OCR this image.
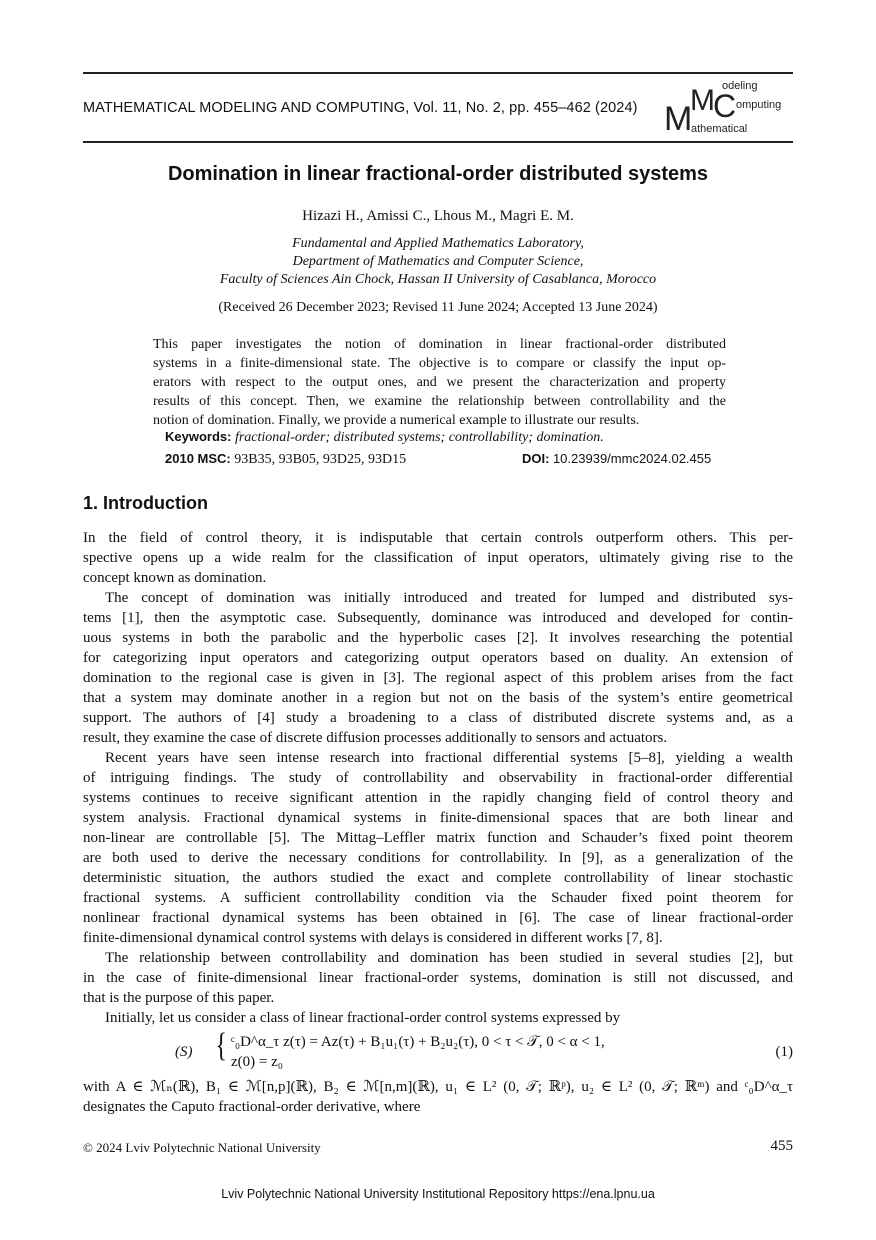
MATHEMATICAL MODELING AND COMPUTING, Vol. 11, No. 2, pp. 455–462 (2024) M
M
C
odeling
omputing
athematical
Domination in linear fractional-order distributed systems
Hizazi H., Amissi C., Lhous M., Magri E. M.
Fundamental and Applied Mathematics Laboratory,
Department of Mathematics and Computer Science,
Faculty of Sciences Ain Chock, Hassan II University of Casablanca, Morocco
(Received 26 December 2023; Revised 11 June 2024; Accepted 13 June 2024)
This paper investigates the notion of domination in linear fractional-order distributed
systems in a finite-dimensional state. The objective is to compare or classify the input op-
erators with respect to the output ones, and we present the characterization and property
results of this concept. Then, we examine the relationship between controllability and the
notion of domination. Finally, we provide a numerical example to illustrate our results.
Keywords: fractional-order; distributed systems; controllability; domination.
2010 MSC: 93B35, 93B05, 93D25, 93D15	DOI: 10.23939/mmc2024.02.455
1. Introduction
In the field of control theory, it is indisputable that certain controls outperform others. This per-
spective opens up a wide realm for the classification of input operators, ultimately giving rise to the
concept known as domination.
The concept of domination was initially introduced and treated for lumped and distributed sys-
tems [1], then the asymptotic case. Subsequently, dominance was introduced and developed for contin-
uous systems in both the parabolic and the hyperbolic cases [2]. It involves researching the potential
for categorizing input operators and categorizing output operators based on duality. An extension of
domination to the regional case is given in [3]. The regional aspect of this problem arises from the fact
that a system may dominate another in a region but not on the basis of the system’s entire geometrical
support. The authors of [4] study a broadening to a class of distributed discrete systems and, as a
result, they examine the case of discrete diffusion processes additionally to sensors and actuators.
Recent years have seen intense research into fractional differential systems [5–8], yielding a wealth
of intriguing findings. The study of controllability and observability in fractional-order differential
systems continues to receive significant attention in the rapidly changing field of control theory and
system analysis. Fractional dynamical systems in finite-dimensional spaces that are both linear and
non-linear are controllable [5]. The Mittag–Leffler matrix function and Schauder’s fixed point theorem
are both used to derive the necessary conditions for controllability. In [9], as a generalization of the
deterministic situation, the authors studied the exact and complete controllability of linear stochastic
fractional systems. A sufficient controllability condition via the Schauder fixed point theorem for
nonlinear fractional dynamical systems has been obtained in [6]. The case of linear fractional-order
finite-dimensional dynamical control systems with delays is considered in different works [7, 8].
The relationship between controllability and domination has been studied in several studies [2], but
in the case of finite-dimensional linear fractional-order systems, domination is still not discussed, and
that is the purpose of this paper.
Initially, let us consider a class of linear fractional-order control systems expressed by
(S) { ᶜ₀D^α_τ z(τ) = Az(τ) + B₁u₁(τ) + B₂u₂(τ), 0 < τ < 𝒯, 0 < α < 1,
z(0) = z₀
(1)
with A ∈ ℳₙ(ℝ), B₁ ∈ ℳ[n,p](ℝ), B₂ ∈ ℳ[n,m](ℝ), u₁ ∈ L² (0, 𝒯; ℝᵖ), u₂ ∈ L² (0, 𝒯; ℝᵐ) and ᶜ₀D^α_τ
designates the Caputo fractional-order derivative, where
© 2024 Lviv Polytechnic National University	455
Lviv Polytechnic National University Institutional Repository https://ena.lpnu.ua
